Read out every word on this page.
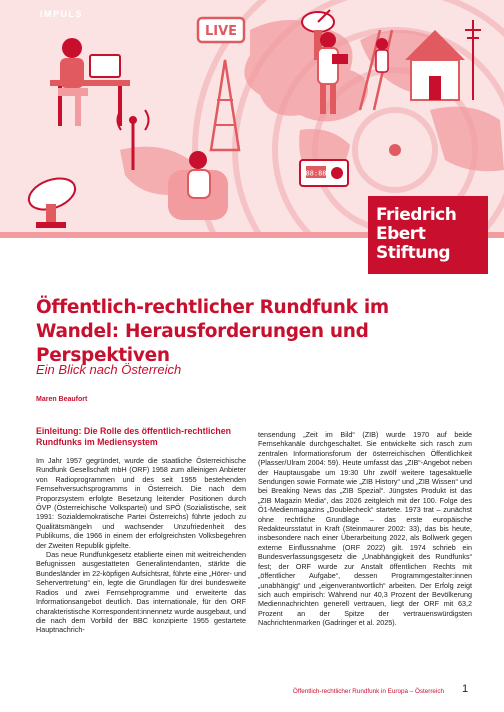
LIVE
88:88
IMPULS
Friedrich
Ebert
Stiftung
Öffentlich-rechtlicher Rundfunk im Wandel: Herausforderungen und Perspektiven
Ein Blick nach Österreich
Maren Beaufort
Einleitung: Die Rolle des öffentlich-rechtlichen Rundfunks im Mediensystem

Im Jahr 1957 gegründet, wurde die staatliche Österreichische Rundfunk Gesellschaft mbH (ORF) 1958 zum alleinigen Anbieter von Radioprogrammen und des seit 1955 bestehenden Fernsehversuchsprogramms in Österreich. Die nach dem Proporzsystem erfolgte Besetzung leitender Positionen durch ÖVP (Österreichische Volkspartei) und SPÖ (Sozialistische, seit 1991: Sozialdemokratische Partei Österreichs) führte jedoch zu Qualitätsmängeln und wachsender Unzufriedenheit des Publikums, die 1966 in einem der erfolgreichsten Volksbegehren der Zweiten Republik gipfelte.

Das neue Rundfunkgesetz etablierte einen mit weitreichenden Befugnissen ausgestatteten Generalintendanten, stärkte die Bundesländer im 22-köpfigen Aufsichtsrat, führte eine „Hörer- und Sehervertretung“ ein, legte die Grundlagen für drei bundesweite Radios und zwei Fernsehprogramme und erweiterte das Informationsangebot deutlich. Das internationale, für den ORF charakteristische Korrespondent:innennetz wurde ausgebaut, und die nach dem Vorbild der BBC konzipierte 1955 gestartete Hauptnachrich-

tensendung „Zeit im Bild“ (ZIB) wurde 1970 auf beide Fernsehkanäle durchgeschaltet. Sie entwickelte sich rasch zum zentralen Informationsforum der österreichischen Öffentlichkeit (Plasser/Ulram 2004: 59). Heute umfasst das „ZIB“-Angebot neben der Hauptausgabe um 19:30 Uhr zwölf weitere tagesaktuelle Sendungen sowie Formate wie „ZIB History“ und „ZIB Wissen“ und bei Breaking News das „ZIB Spezial“. Jüngstes Produkt ist das „ZIB Magazin Media“, das 2026 zeitgleich mit der 100. Folge des Ö1-Medienmagazins „Doublecheck“ startete. 1973 trat – zunächst ohne rechtliche Grundlage – das erste europäische Redakteursstatut in Kraft (Steinmaurer 2002: 33), das bis heute, insbesondere nach einer Überarbeitung 2022, als Bollwerk gegen externe Einflussnahme (ORF 2022) gilt. 1974 schrieb ein Bundesverfassungsgesetz die „Unabhängigkeit des Rundfunks“ fest; der ORF wurde zur Anstalt öffentlichen Rechts mit „öffentlicher Aufgabe“, dessen Programmgestalter:innen „unabhängig“ und „eigenverantwortlich“ arbeiten. Der Erfolg zeigt sich auch empirisch: Während nur 40,3 Prozent der Bevölkerung Mediennachrichten generell vertrauen, liegt der ORF mit 63,2 Prozent an der Spitze der vertrauenswürdigsten Nachrichtenmarken (Gadringer et al. 2025).

Öffentlich-rechtlicher Rundfunk in Europa – Österreich 1
